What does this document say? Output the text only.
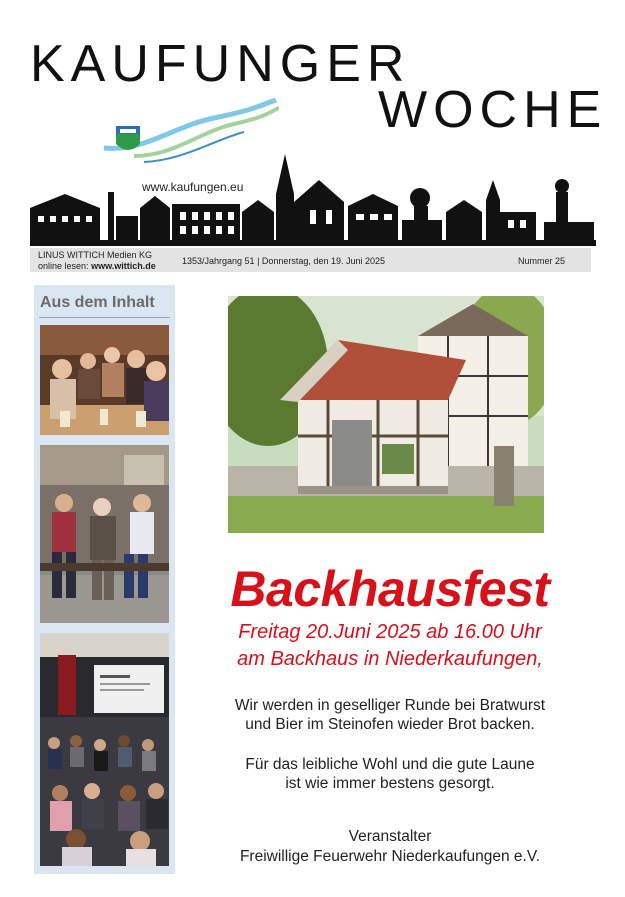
KAUFUNGER
WOCHE
www.kaufungen.eu
LINUS WITTICH Medien KG
online lesen: www.wittich.de	1353/Jahrgang 51 | Donnerstag, den 19. Juni 2025	Nummer 25
Aus dem Inhalt
Backhausfest
Freitag 20.Juni 2025 ab 16.00 Uhr
am Backhaus in Niederkaufungen,
Wir werden in geselliger Runde bei Bratwurst
und Bier im Steinofen wieder Brot backen.
Für das leibliche Wohl und die gute Laune
ist wie immer bestens gesorgt.
Veranstalter
Freiwillige Feuerwehr Niederkaufungen e.V.
